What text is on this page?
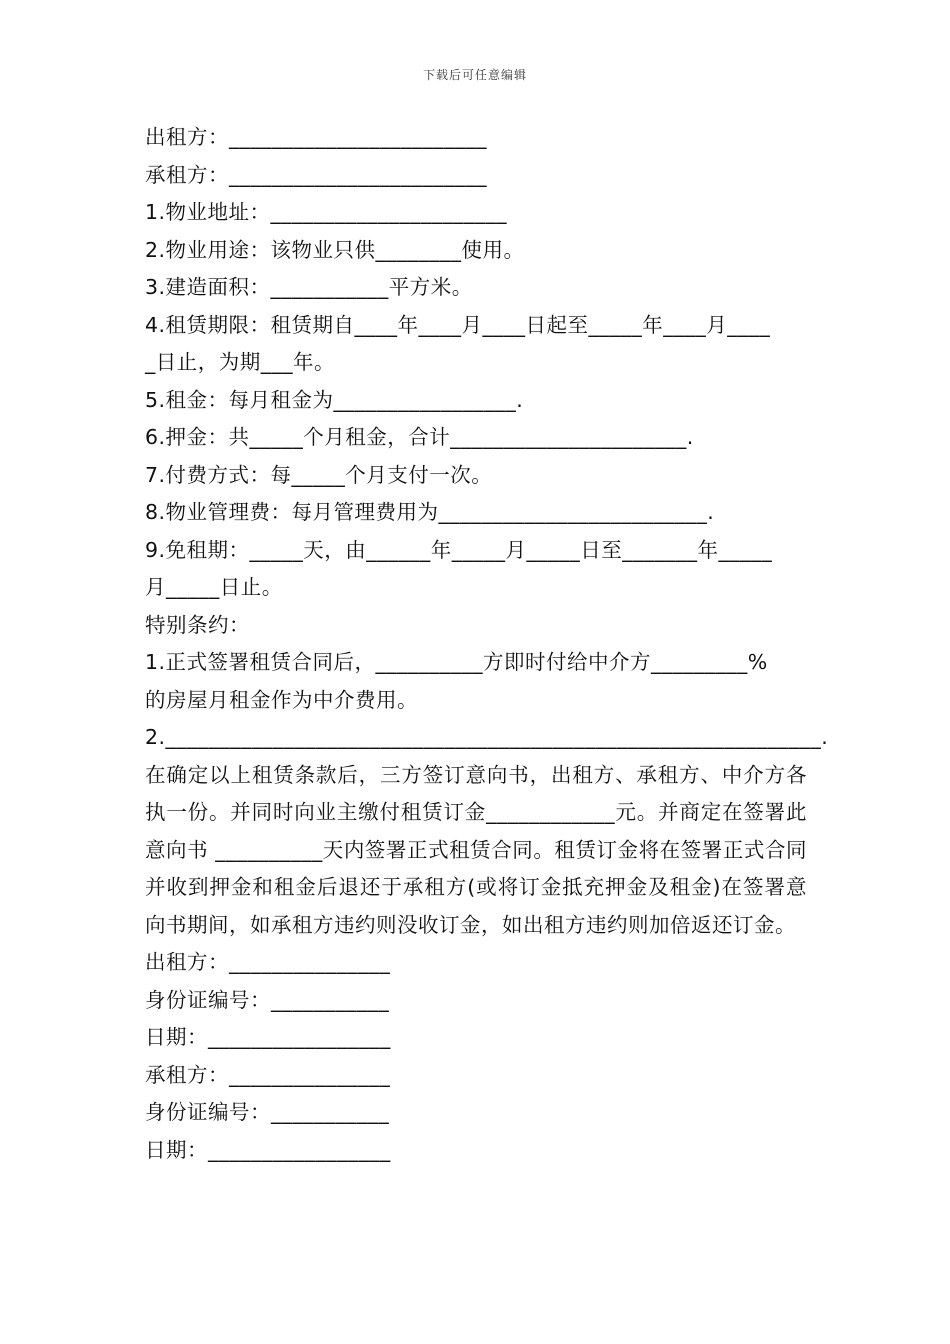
下载后可任意编辑
出租方：________________________
承租方：________________________
1.物业地址：______________________
2.物业用途：该物业只供________使用。
3.建造面积：___________平方米。
4.租赁期限：租赁期自____年____月____日起至_____年____月____
_日止，为期___年。
5.租金：每月租金为_________________.
6.押金：共_____个月租金，合计______________________.
7.付费方式：每_____个月支付一次。
8.物业管理费：每月管理费用为_________________________.
9.免租期：_____天，由______年_____月_____日至_______年_____
月_____日止。
特别条约：
1.正式签署租赁合同后，__________方即时付给中介方_________%
的房屋月租金作为中介费用。
2._____________________________________________________________.
在确定以上租赁条款后，三方签订意向书，出租方、承租方、中介方各执一份。并同时向业主缴付租赁订金____________元。并商定在签署此意向书 __________天内签署正式租赁合同。租赁订金将在签署正式合同并收到押金和租金后退还于承租方(或将订金抵充押金及租金)在签署意向书期间，如承租方违约则没收订金，如出租方违约则加倍返还订金。
出租方：_______________
身份证编号：___________
日期：_________________
承租方：_______________
身份证编号：___________
日期：_________________
